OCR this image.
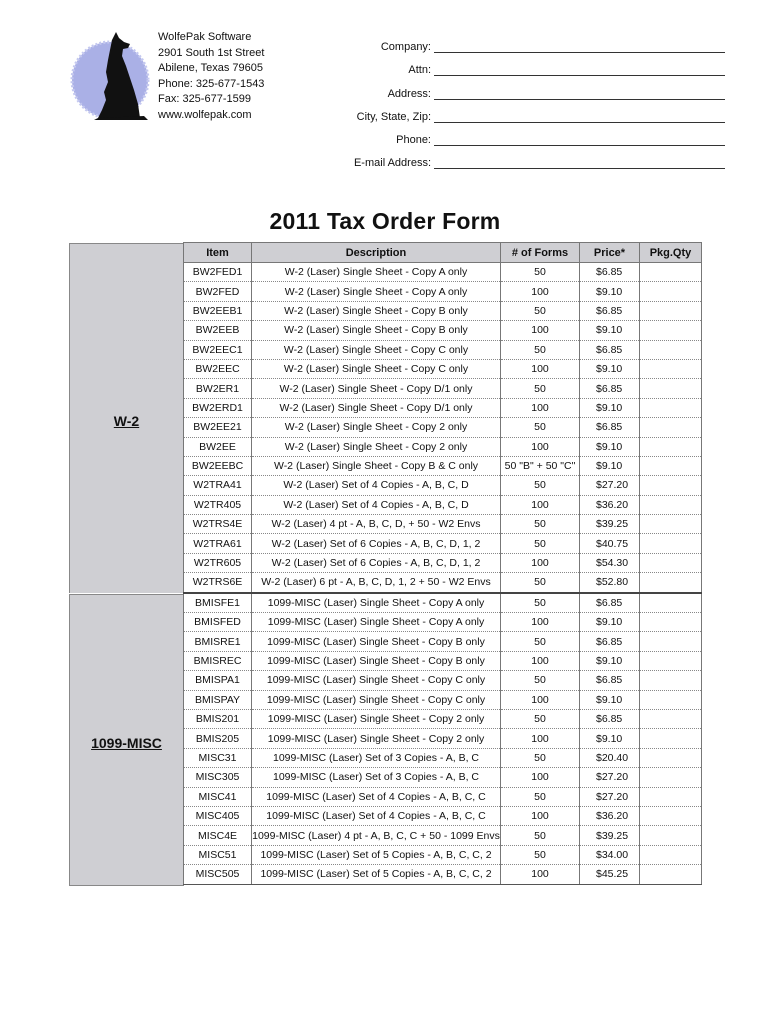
WolfePak Software
2901 South 1st Street
Abilene, Texas 79605
Phone: 325-677-1543
Fax: 325-677-1599
www.wolfepak.com
Company:
Attn:
Address:
City, State, Zip:
Phone:
E-mail Address:
2011 Tax Order Form
W-2
1099-MISC
Item	Description	# of Forms	Price*	Pkg.Qty
BW2FED1	W-2 (Laser) Single Sheet - Copy A only	50	$6.85	
BW2FED	W-2 (Laser) Single Sheet - Copy A only	100	$9.10	
BW2EEB1	W-2 (Laser) Single Sheet - Copy B only	50	$6.85	
BW2EEB	W-2 (Laser) Single Sheet - Copy B only	100	$9.10	
BW2EEC1	W-2 (Laser) Single Sheet - Copy C only	50	$6.85	
BW2EEC	W-2 (Laser) Single Sheet - Copy C only	100	$9.10	
BW2ER1	W-2 (Laser) Single Sheet - Copy D/1 only	50	$6.85	
BW2ERD1	W-2 (Laser) Single Sheet - Copy D/1 only	100	$9.10	
BW2EE21	W-2 (Laser) Single Sheet - Copy 2 only	50	$6.85	
BW2EE	W-2 (Laser) Single Sheet - Copy 2 only	100	$9.10	
BW2EEBC	W-2 (Laser) Single Sheet - Copy B & C only	50 "B" + 50 "C"	$9.10	
W2TRA41	W-2 (Laser) Set of 4 Copies - A, B, C, D	50	$27.20	
W2TR405	W-2 (Laser) Set of 4 Copies - A, B, C, D	100	$36.20	
W2TRS4E	W-2 (Laser) 4 pt - A, B, C, D, + 50 - W2 Envs	50	$39.25	
W2TRA61	W-2 (Laser) Set of 6 Copies - A, B, C, D, 1, 2	50	$40.75	
W2TR605	W-2 (Laser) Set of 6 Copies - A, B, C, D, 1, 2	100	$54.30	
W2TRS6E	W-2 (Laser) 6 pt - A, B, C, D, 1, 2 + 50 - W2 Envs	50	$52.80	
BMISFE1	1099-MISC (Laser) Single Sheet - Copy A only	50	$6.85	
BMISFED	1099-MISC (Laser) Single Sheet - Copy A only	100	$9.10	
BMISRE1	1099-MISC (Laser) Single Sheet - Copy B only	50	$6.85	
BMISREC	1099-MISC (Laser) Single Sheet - Copy B only	100	$9.10	
BMISPA1	1099-MISC (Laser) Single Sheet - Copy C only	50	$6.85	
BMISPAY	1099-MISC (Laser) Single Sheet - Copy C only	100	$9.10	
BMIS201	1099-MISC (Laser) Single Sheet - Copy 2 only	50	$6.85	
BMIS205	1099-MISC (Laser) Single Sheet - Copy 2 only	100	$9.10	
MISC31	1099-MISC (Laser) Set of 3 Copies - A, B, C	50	$20.40	
MISC305	1099-MISC (Laser) Set of 3 Copies - A, B, C	100	$27.20	
MISC41	1099-MISC (Laser) Set of 4 Copies - A, B, C, C	50	$27.20	
MISC405	1099-MISC (Laser) Set of 4 Copies - A, B, C, C	100	$36.20	
MISC4E	1099-MISC (Laser) 4 pt - A, B, C, C + 50 - 1099 Envs	50	$39.25	
MISC51	1099-MISC (Laser) Set of 5 Copies - A, B, C, C, 2	50	$34.00	
MISC505	1099-MISC (Laser) Set of 5 Copies - A, B, C, C, 2	100	$45.25	
